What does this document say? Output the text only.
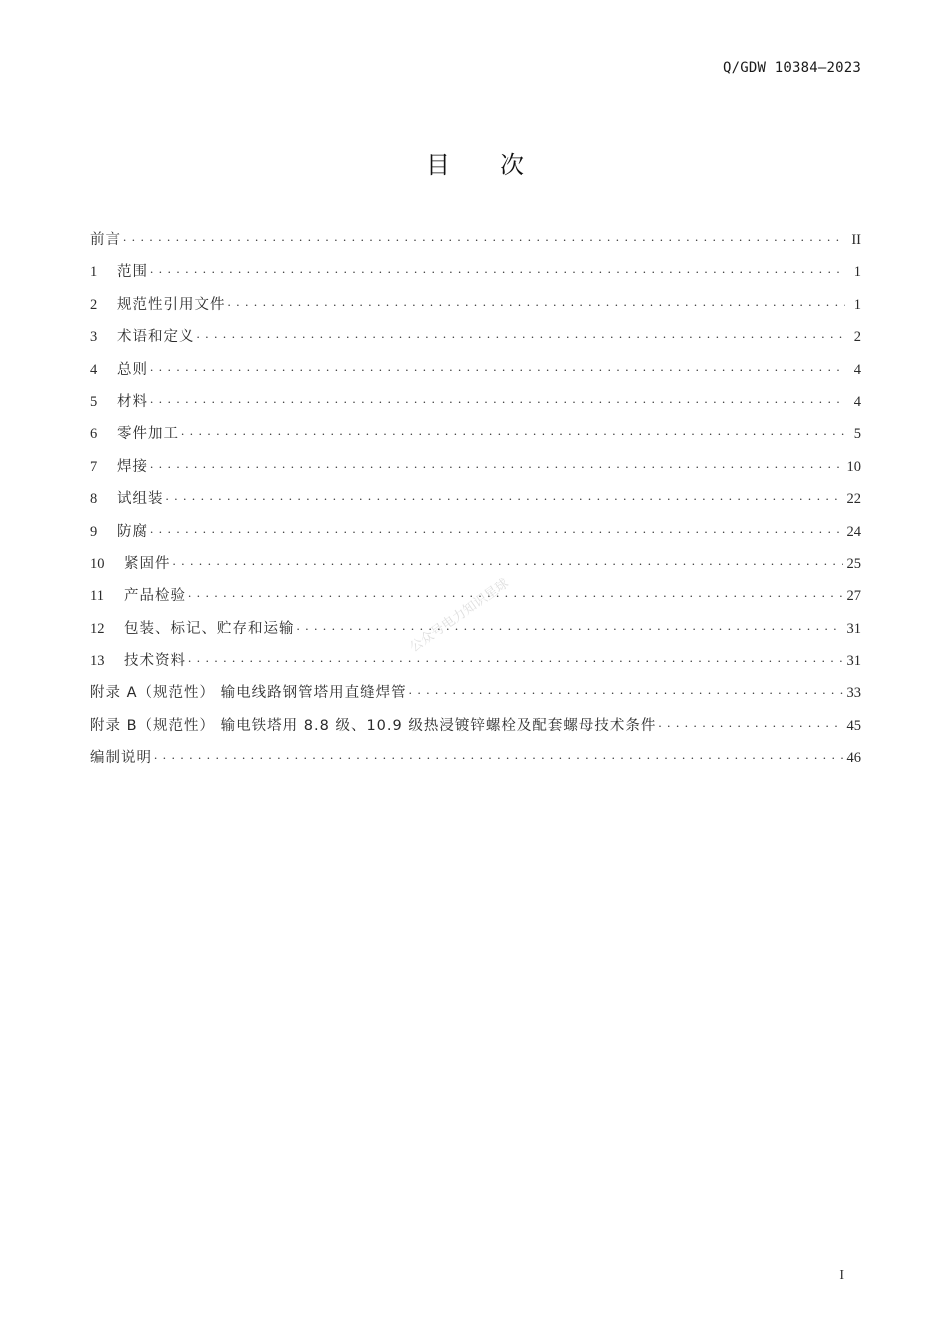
Q/GDW 10384—2023
目 次
前言 . . .	II
1	范围 . . .	1
2	规范性引用文件 . . .	1
3	术语和定义 . . .	2
4	总则 . . .	4
5	材料 . . .	4
6	零件加工 . . .	5
7	焊接 . . .	10
8	试组装 . . .	22
9	防腐 . . .	24
10	紧固件 . . .	25
11	产品检验 . . .	27
12	包装、标记、贮存和运输 . . .	31
13	技术资料 . . .	31
附录 A（规范性） 输电线路钢管塔用直缝焊管 . . .	33
附录 B（规范性） 输电铁塔用 8.8 级、10.9 级热浸镀锌螺栓及配套螺母技术条件 . . .	45
编制说明 . . .	46
公众号电力知识星球
I
